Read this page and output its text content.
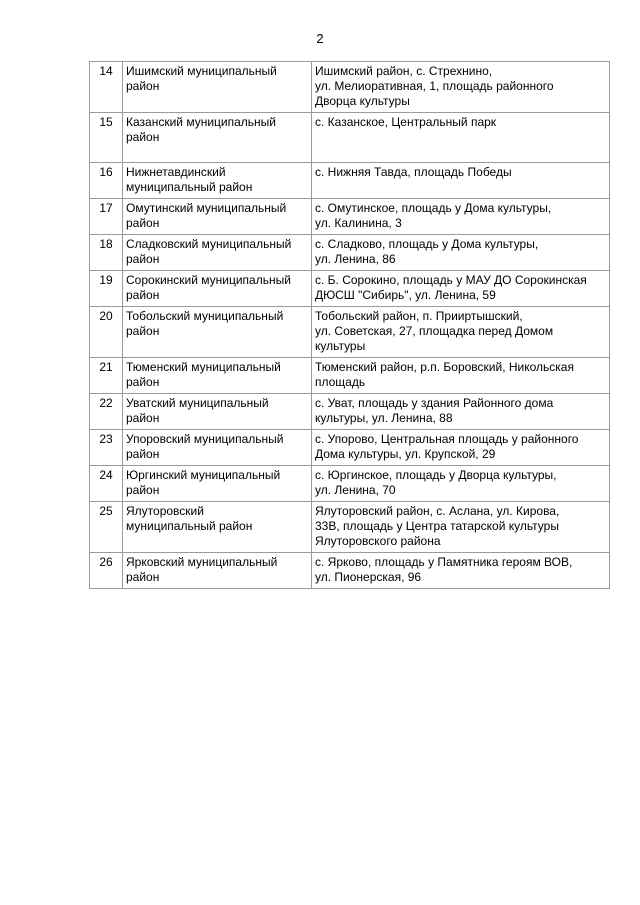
2
14	Ишимский муниципальный
район	Ишимский район, с. Стрехнино,
ул. Мелиоративная, 1, площадь районного
Дворца культуры

15	Казанский муниципальный
район	с. Казанское, Центральный парк

16	Нижнетавдинский
муниципальный район	с. Нижняя Тавда, площадь Победы

17	Омутинский муниципальный
район	с. Омутинское, площадь у Дома культуры,
ул. Калинина, 3

18	Сладковский муниципальный
район	с. Сладково, площадь у Дома культуры,
ул. Ленина, 86

19	Сорокинский муниципальный
район	с. Б. Сорокино, площадь у МАУ ДО Сорокинская
ДЮСШ "Сибирь", ул. Ленина, 59

20	Тобольский муниципальный
район	Тобольский район, п. Прииртышский,
ул. Советская, 27, площадка перед Домом
культуры

21	Тюменский муниципальный
район	Тюменский район, р.п. Боровский, Никольская
площадь

22	Уватский муниципальный
район	с. Уват, площадь у здания Районного дома
культуры, ул. Ленина, 88

23	Упоровский муниципальный
район	с. Упорово, Центральная площадь у районного
Дома культуры, ул. Крупской, 29

24	Юргинский муниципальный
район	с. Юргинское, площадь у Дворца культуры,
ул. Ленина, 70

25	Ялуторовский
муниципальный район	Ялуторовский район, с. Аслана, ул. Кирова,
33В, площадь у Центра татарской культуры
Ялуторовского района

26	Ярковский муниципальный
район	с. Ярково, площадь у Памятника героям ВОВ,
ул. Пионерская, 96
